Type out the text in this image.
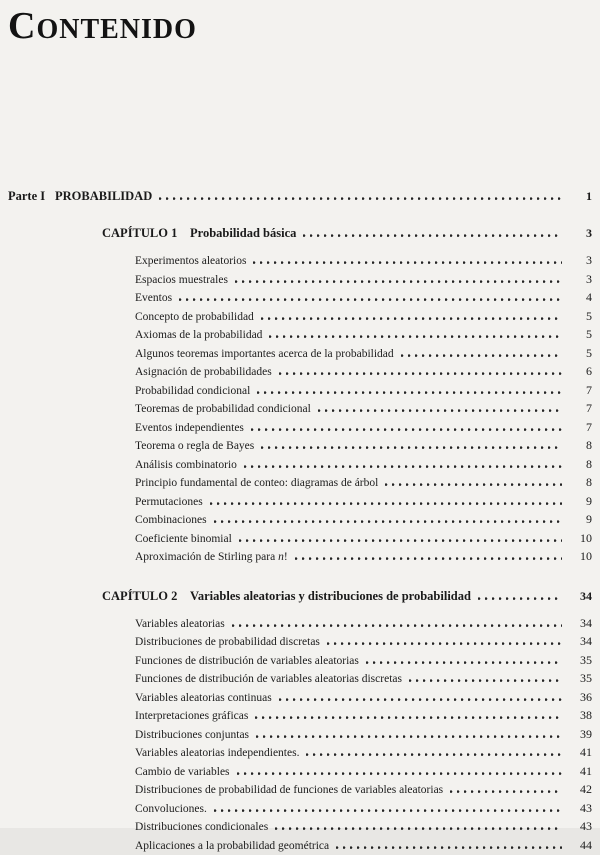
CONTENIDO
Parte I PROBABILIDAD	1
CAPÍTULO 1	Probabilidad básica	3
Experimentos aleatorios	3
Espacios muestrales	3
Eventos	4
Concepto de probabilidad	5
Axiomas de la probabilidad	5
Algunos teoremas importantes acerca de la probabilidad	5
Asignación de probabilidades	6
Probabilidad condicional	7
Teoremas de probabilidad condicional	7
Eventos independientes	7
Teorema o regla de Bayes	8
Análisis combinatorio	8
Principio fundamental de conteo: diagramas de árbol	8
Permutaciones	9
Combinaciones	9
Coeficiente binomial	10
Aproximación de Stirling para n!	10
CAPÍTULO 2	Variables aleatorias y distribuciones de probabilidad	34
Variables aleatorias	34
Distribuciones de probabilidad discretas	34
Funciones de distribución de variables aleatorias	35
Funciones de distribución de variables aleatorias discretas	35
Variables aleatorias continuas	36
Interpretaciones gráficas	38
Distribuciones conjuntas	39
Variables aleatorias independientes.	41
Cambio de variables	41
Distribuciones de probabilidad de funciones de variables aleatorias	42
Convoluciones.	43
Distribuciones condicionales	43
Aplicaciones a la probabilidad geométrica	44
